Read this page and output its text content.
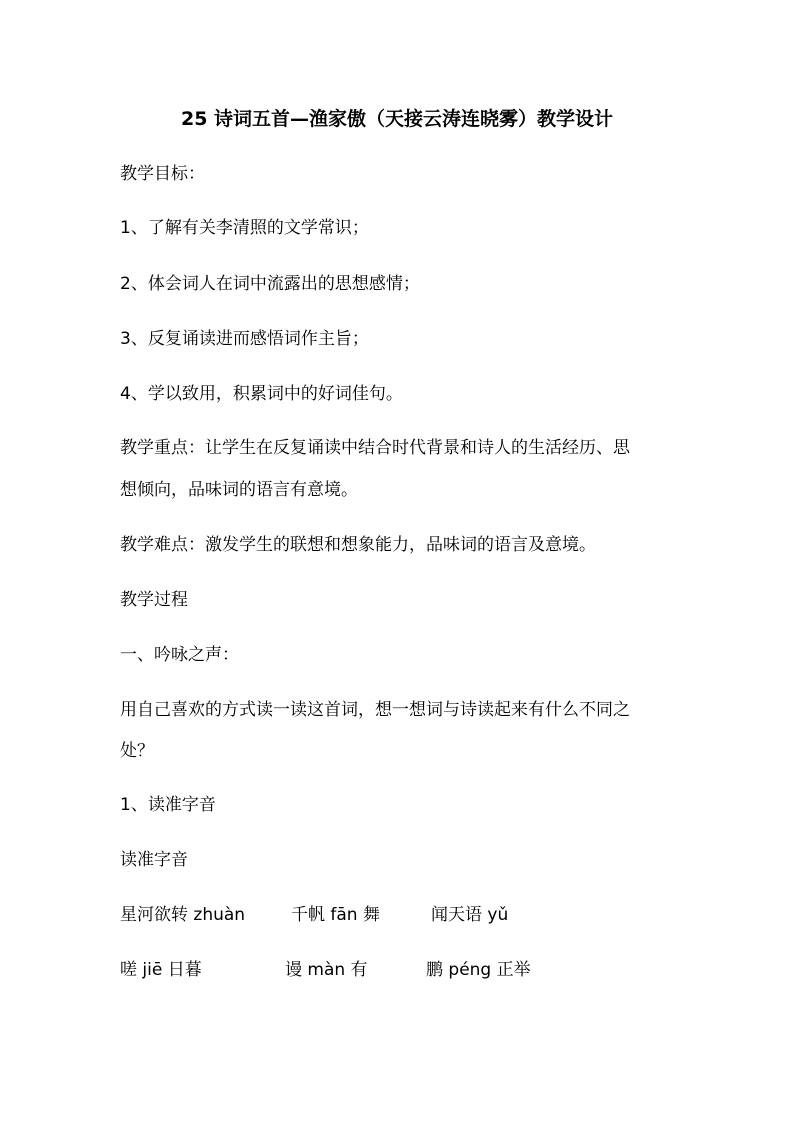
25 诗词五首—渔家傲（天接云涛连晓雾）教学设计
教学目标：
1、了解有关李清照的文学常识；
2、体会词人在词中流露出的思想感情；
3、反复诵读进而感悟词作主旨；
4、学以致用，积累词中的好词佳句。
教学重点：让学生在反复诵读中结合时代背景和诗人的生活经历、思
想倾向，品味词的语言有意境。
教学难点：激发学生的联想和想象能力，品味词的语言及意境。
教学过程
一、吟咏之声：
用自己喜欢的方式读一读这首词，想一想词与诗读起来有什么不同之
处？
1、读准字音
读准字音
星河欲转 zhuàn	千帆 fān 舞	闻天语 yǔ
嗟 jiē 日暮	谩 màn 有	鹏 péng 正举
